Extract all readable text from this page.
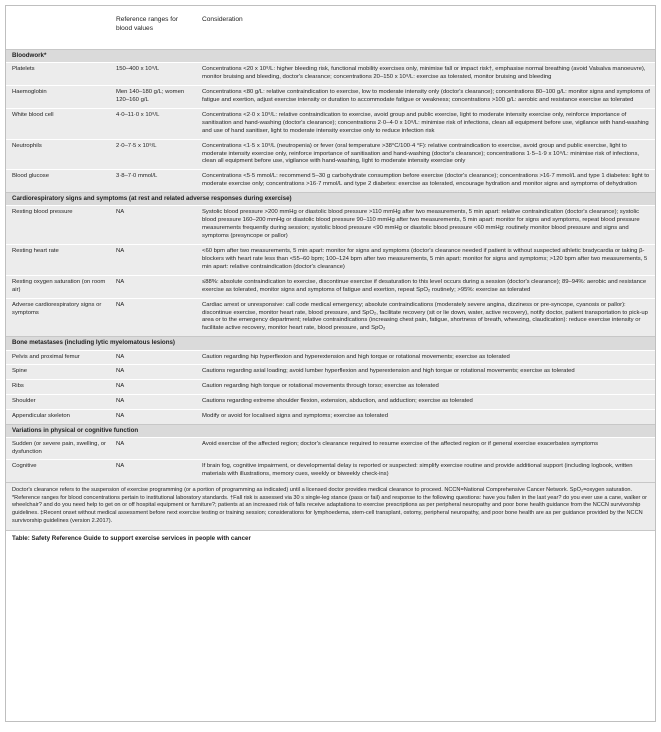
	Reference ranges for blood values	Consideration
Bloodwork*		
Platelets	150–400 x 10⁹/L	Concentrations <20 x 10⁹/L: higher bleeding risk, functional mobility exercises only, minimise fall or impact risk†, emphasise normal breathing (avoid Valsalva manoeuvre), monitor bruising and bleeding, doctor's clearance; concentrations 20–150 x 10⁹/L: exercise as tolerated, monitor bruising and bleeding
Haemoglobin	Men 140–180 g/L; women 120–160 g/L	Concentrations <80 g/L: relative contraindication to exercise, low to moderate intensity only (doctor's clearance); concentrations 80–100 g/L: monitor signs and symptoms of fatigue and exertion, adjust exercise intensity or duration to accommodate fatigue or weakness; concentrations >100 g/L: aerobic and resistance exercise as tolerated
White blood cell	4·0–11·0 x 10⁹/L	Concentrations <2·0 x 10⁹/L: relative contraindication to exercise, avoid group and public exercise, light to moderate intensity exercise only, reinforce importance of sanitisation and hand-washing (doctor's clearance); concentrations 2·0–4·0 x 10⁹/L: minimise risk of infections, clean all equipment before use, vigilance with hand-washing and use of hand sanitiser, light to moderate intensity exercise only to reduce infection risk
Neutrophils	2·0–7·5 x 10⁹/L	Concentrations <1·5 x 10⁹/L (neutropenia) or fever (oral temperature >38°C/100·4 °F): relative contraindication to exercise, avoid group and public exercise, light to moderate intensity exercise only, reinforce importance of sanitisation and hand-washing (doctor's clearance); concentrations 1·5–1·9 x 10⁹/L: minimise risk of infections, clean all equipment before use, vigilance with hand-washing, light to moderate intensity exercise only
Blood glucose	3·8–7·0 mmol/L	Concentrations <5·5 mmol/L: recommend 5–30 g carbohydrate consumption before exercise (doctor's clearance); concentrations >16·7 mmol/L and type 1 diabetes: light to moderate exercise only; concentrations >16·7 mmol/L and type 2 diabetes: exercise as tolerated, encourage hydration and monitor signs and symptoms of dehydration
Cardiorespiratory signs and symptoms (at rest and related adverse responses during exercise)		
Resting blood pressure	NA	Systolic blood pressure >200 mmHg or diastolic blood pressure >110 mmHg after two measurements, 5 min apart: relative contraindication (doctor's clearance); systolic blood pressure 160–200 mmHg or diastolic blood pressure 90–110 mmHg after two measurements, 5 min apart: monitor for signs and symptoms, repeat blood pressure measurements frequently during session; systolic blood pressure <90 mmHg or diastolic blood pressure <60 mmHg: routinely monitor blood pressure and signs and symptoms (presyncope or pallor)
Resting heart rate	NA	<60 bpm after two measurements, 5 min apart: monitor for signs and symptoms (doctor's clearance needed if patient is without suspected athletic bradycardia or taking β-blockers with heart rate less than <55–60 bpm; 100–124 bpm after two measurements, 5 min apart: monitor for signs and symptoms; >120 bpm after two measurements, 5 min apart: relative contraindication (doctor's clearance)
Resting oxygen saturation (on room air)	NA	≤88%: absolute contraindication to exercise, discontinue exercise if desaturation to this level occurs during a session (doctor's clearance); 89–94%: aerobic and resistance exercise as tolerated, monitor signs and symptoms of fatigue and exertion, repeat SpO₂ routinely; >95%: exercise as tolerated
Adverse cardiorespiratory signs or symptoms	NA	Cardiac arrest or unresponsive: call code medical emergency; absolute contraindications (moderately severe angina, dizziness or pre-syncope, cyanosis or pallor): discontinue exercise, monitor heart rate, blood pressure, and SpO₂, facilitate recovery (sit or lie down, water, active recovery), notify doctor, patient transportation to pick-up area or to the emergency department; relative contraindications (increasing chest pain, fatigue, shortness of breath, wheezing, claudication): reduce exercise intensity or facilitate active recovery, monitor heart rate, blood pressure, and SpO₂
Bone metastases (including lytic myelomatous lesions)		
Pelvis and proximal femur	NA	Caution regarding hip hyperflexion and hyperextension and high torque or rotational movements; exercise as tolerated
Spine	NA	Cautions regarding axial loading; avoid lumber hyperflexion and hyperextension and high torque or rotational movements; exercise as tolerated
Ribs	NA	Caution regarding high torque or rotational movements through torso; exercise as tolerated
Shoulder	NA	Cautions regarding extreme shoulder flexion, extension, abduction, and adduction; exercise as tolerated
Appendicular skeleton	NA	Modify or avoid for localised signs and symptoms; exercise as tolerated
Variations in physical or cognitive function		
Sudden (or severe pain, swelling, or dysfunction	NA	Avoid exercise of the affected region; doctor's clearance required to resume exercise of the affected region or if general exercise exacerbates symptoms
Cognitive	NA	If brain fog, cognitive impairment, or developmental delay is reported or suspected: simplify exercise routine and provide additional support (including logbook, written materials with illustrations, memory cues, weekly or biweekly check-ins)
Doctor's clearance refers to the suspension of exercise programming (or a portion of programming as indicated) until a licensed doctor provides medical clearance to proceed. NCCN=National Comprehensive Cancer Network. SpO₂=oxygen saturation. *Reference ranges for blood concentrations pertain to institutional laboratory standards. †Fall risk is assessed via 30 s single-leg stance (pass or fail) and response to the following questions: have you fallen in the last year? do you ever use a cane, walker or wheelchair? and do you need help to get on or off hospital equipment or furniture?; patients at an increased risk of falls receive adaptations to exercise prescriptions as per peripheral neuropathy and poor bone health guidance from the NCCN survivorship guidelines. ‡Recent onset without medical assessment before next exercise testing or training session; considerations for lymphoedema, stem-cell transplant, ostomy, peripheral neuropathy, and poor bone health are as per guidance provided by the NCCN survivorship guidelines (version 2.2017).
Table: Safety Reference Guide to support exercise services in people with cancer
